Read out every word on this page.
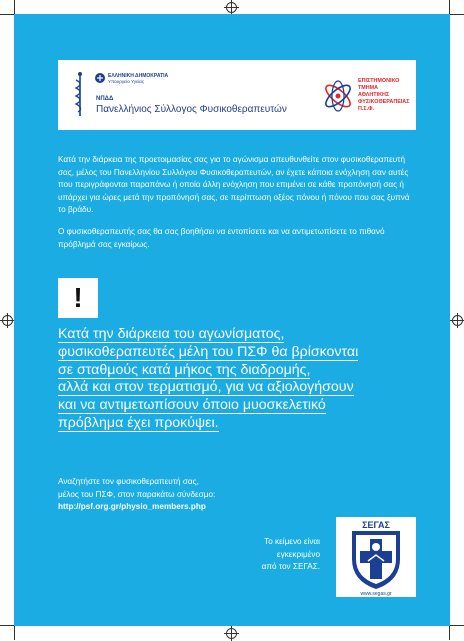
ΕΛΛΗΝΙΚΗ ΔΗΜΟΚΡΑΤΙΑ
Υπουργείο Υγείας
ΝΠΔΔ
Πανελλήνιος Σύλλογος Φυσικοθεραπευτών
ΕΠΙΣΤΗΜΟΝΙΚΟ
ΤΜΗΜΑ
ΑΘΛΗΤΙΚΗΣ
ΦΥΣΙΚΟΘΕΡΑΠΕΙΑΣ
Π.Σ.Φ.
Κατά την διάρκεια της προετοιμασίας σας για το αγώνισμα απευθυνθείτε στον φυσικοθεραπευτή σας, μέλος του Πανελληνίου Συλλόγου Φυσικοθεραπευτών, αν έχετε κάποια ενόχληση σαν αυτές που περιγράφονται παραπάνω ή οποία άλλη ενόχληση που επιμένει σε κάθε προπόνησή σας ή υπάρχει για ώρες μετά την προπόνησή σας, σε περίπτωση οξέος πόνου ή πόνου που σας ξυπνά το βράδυ.
Ο φυσικοθεραπευτής σας θα σας βοηθήσει να εντοπίσετε και να αντιμετωπίσετε το πιθανό πρόβλημά σας εγκαίρως.
!
Κατά την διάρκεια του αγωνίσματος,
φυσικοθεραπευτές μέλη του ΠΣΦ θα βρίσκονται
σε σταθμούς κατά μήκος της διαδρομής,
αλλά και στον τερματισμό, για να αξιολογήσουν
και να αντιμετωπίσουν όποιο μυοσκελετικό
πρόβλημα έχει προκύψει.
Αναζητήστε τον φυσικοθεραπευτή σας,
μέλος του ΠΣΦ, στον παρακάτω σύνδεσμο:
http://psf.org.gr/physio_members.php
Το κείμενο είναι
εγκεκριμένο
από τον ΣΕΓΑΣ.
ΣΕΓΑΣ
www.segas.gr
